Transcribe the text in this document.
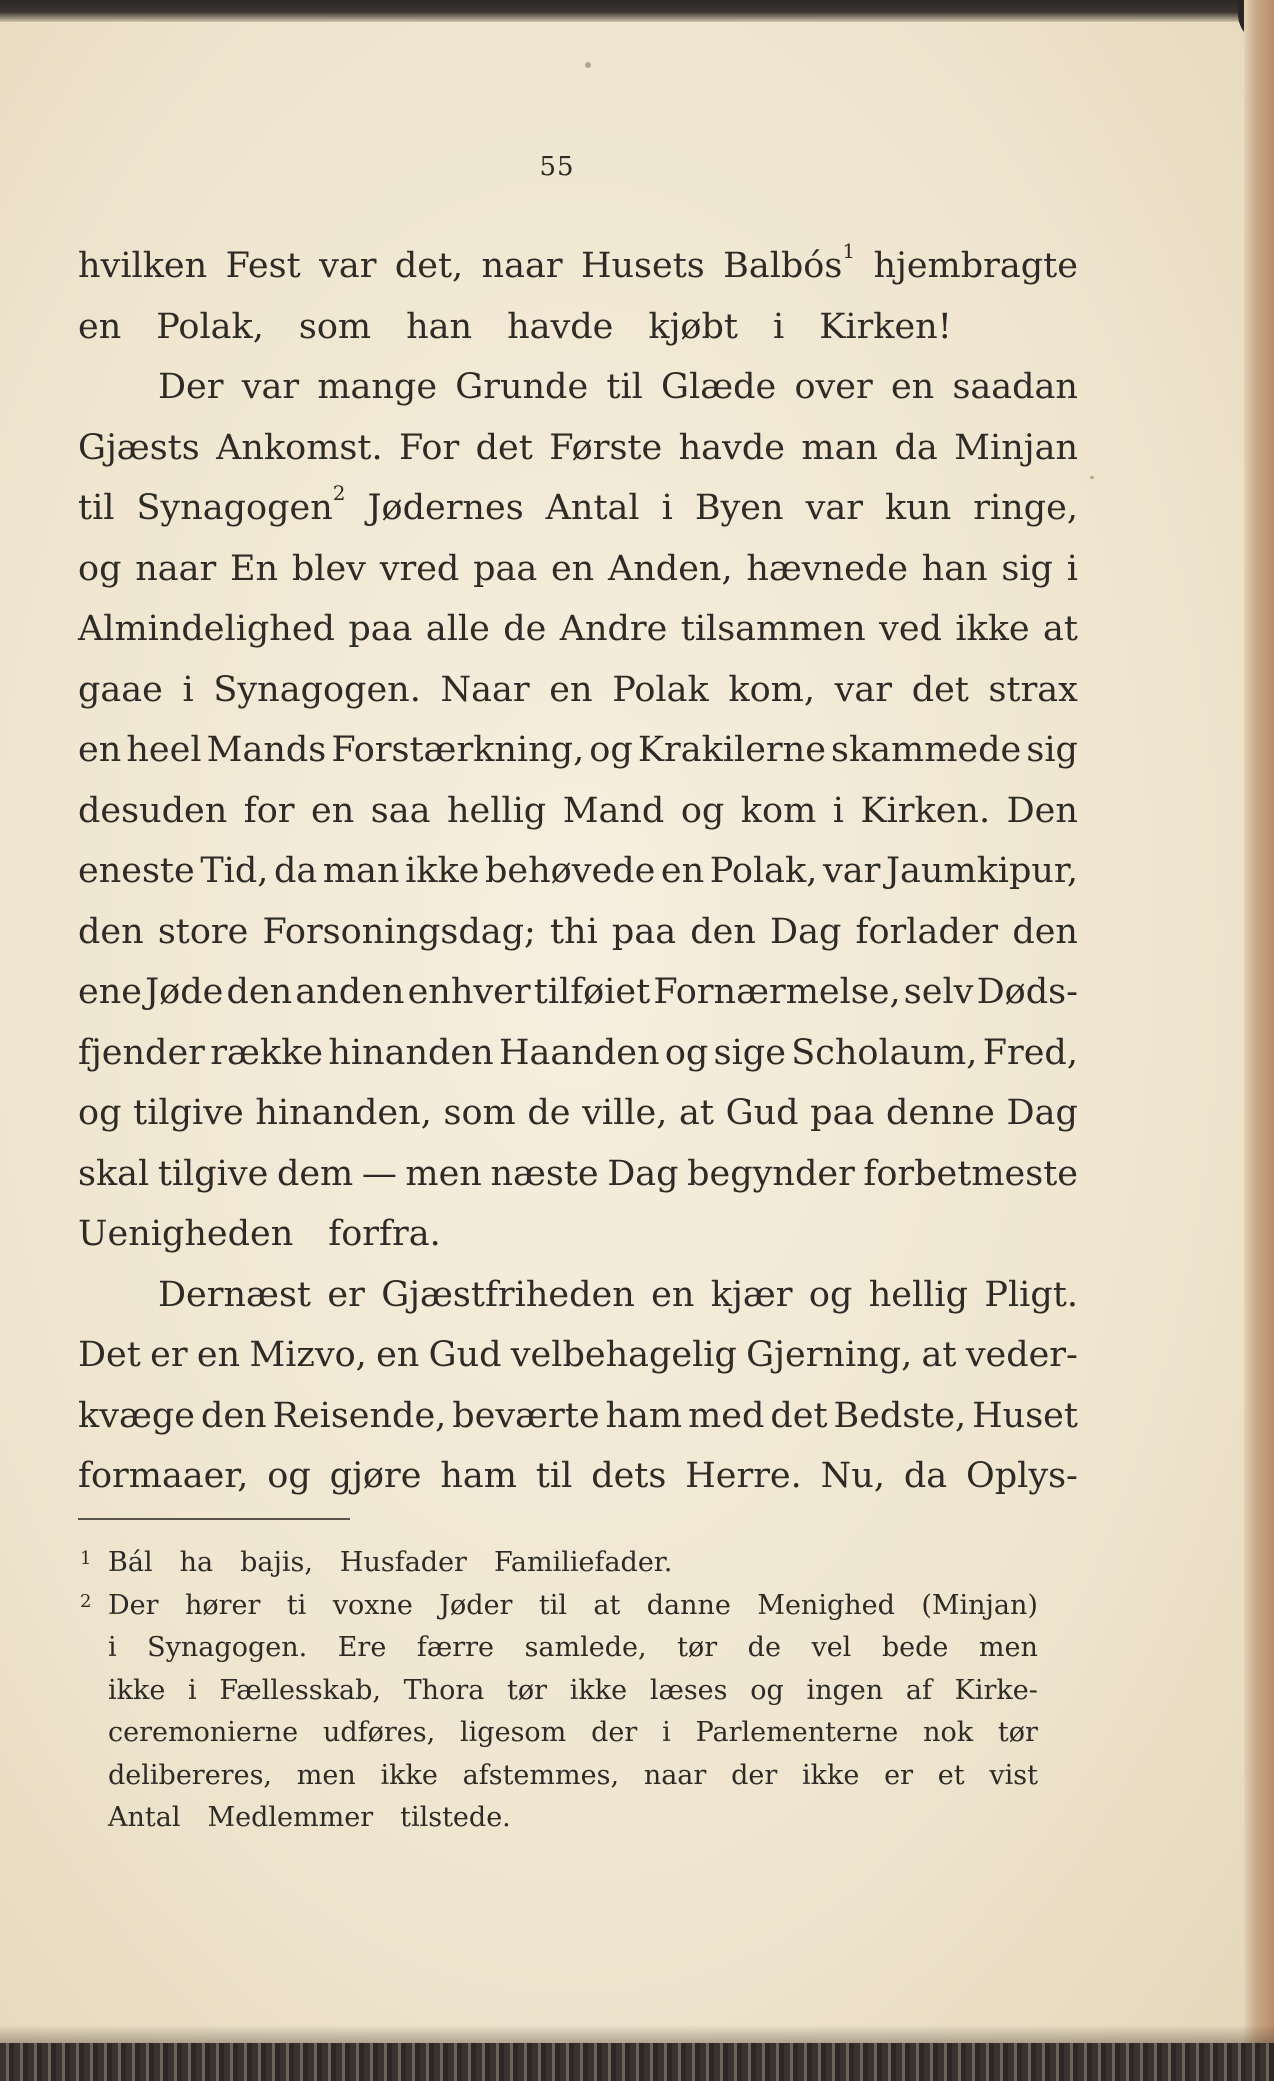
55
hvilken Fest var det, naar Husets Balbós$^1$ hjembragte
en	Polak,	som	han	havde	kjøbt	i	Kirken!
Der var mange Grunde til Glæde over en saadan
Gjæsts Ankomst. For det Første havde man da Minjan
til Synagogen$^2$ Jødernes Antal i Byen var kun ringe,
og naar En blev vred paa en Anden, hævnede han sig i
Almindelighed paa alle de Andre tilsammen ved ikke at
gaae i Synagogen. Naar en Polak kom, var det strax
en heel Mands Forstærkning, og Krakilerne skammede sig
desuden for en saa hellig Mand og kom i Kirken. Den
eneste Tid, da man ikke behøvede en Polak, var Jaumkipur,
den store Forsoningsdag; thi paa den Dag forlader den
ene Jøde den anden enhver tilføiet Fornærmelse, selv Døds-
fjender række hinanden Haanden og sige Scholaum, Fred,
og tilgive hinanden, som de ville, at Gud paa denne Dag
skal tilgive dem — men næste Dag begynder forbetmeste
Uenigheden	forfra.
Dernæst er Gjæstfriheden en kjær og hellig Pligt.
Det er en Mizvo, en Gud velbehagelig Gjerning, at veder-
kvæge den Reisende, beværte ham med det Bedste, Huset
formaaer, og gjøre ham til dets Herre. Nu, da Oplys-
1 Bál	ha	bajis,	Husfader	Familiefader.
2 Der hører ti voxne Jøder til at danne Menighed (Minjan)
i Synagogen. Ere færre samlede, tør de vel bede men
ikke i Fællesskab, Thora tør ikke læses og ingen af Kirke-
ceremonierne udføres, ligesom der i Parlementerne nok tør
delibereres, men ikke afstemmes, naar der ikke er et vist
Antal	Medlemmer	tilstede.
